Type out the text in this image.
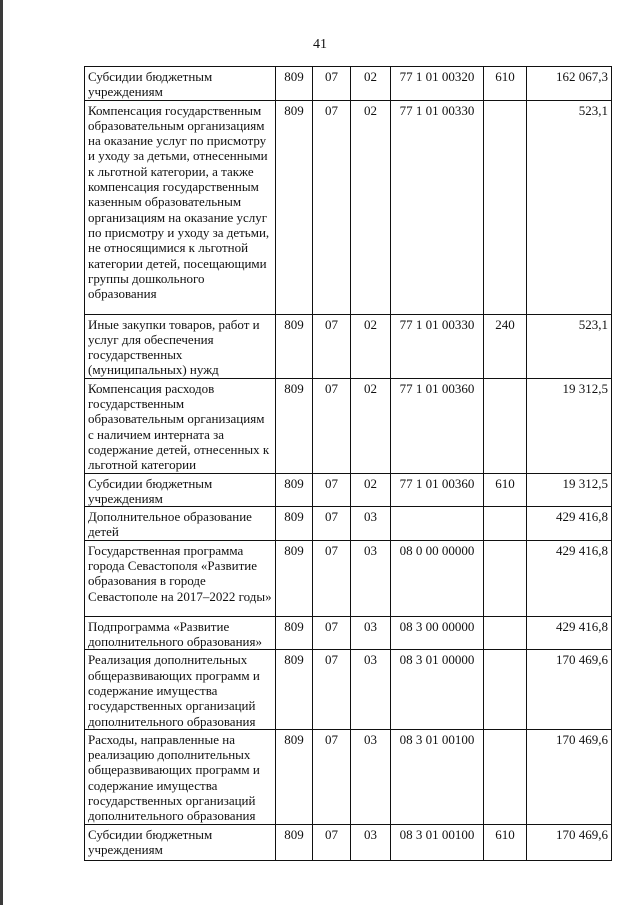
41
Субсидии бюджетным учреждениям	809	07	02	77 1 01 00320	610	162 067,3
Компенсация государственным образовательным организациям на оказание услуг по присмотру и уходу за детьми, отнесенными к льготной категории, а также компенсация государственным казенным образовательным организациям на оказание услуг по присмотру и уходу за детьми, не относящимися к льготной категории детей, посещающими группы дошкольного образования	809	07	02	77 1 01 00330		523,1
Иные закупки товаров, работ и услуг для обеспечения государственных (муниципальных) нужд	809	07	02	77 1 01 00330	240	523,1
Компенсация расходов государственным образовательным организациям с наличием интерната за содержание детей, отнесенных к льготной категории	809	07	02	77 1 01 00360		19 312,5
Субсидии бюджетным учреждениям	809	07	02	77 1 01 00360	610	19 312,5
Дополнительное образование детей	809	07	03			429 416,8
Государственная программа города Севастополя «Развитие образования в городе Севастополе на 2017–2022 годы»	809	07	03	08 0 00 00000		429 416,8
Подпрограмма «Развитие дополнительного образования»	809	07	03	08 3 00 00000		429 416,8
Реализация дополнительных общеразвивающих программ и содержание имущества государственных организаций дополнительного образования	809	07	03	08 3 01 00000		170 469,6
Расходы, направленные на реализацию дополнительных общеразвивающих программ и содержание имущества государственных организаций дополнительного образования	809	07	03	08 3 01 00100		170 469,6
Субсидии бюджетным учреждениям	809	07	03	08 3 01 00100	610	170 469,6
